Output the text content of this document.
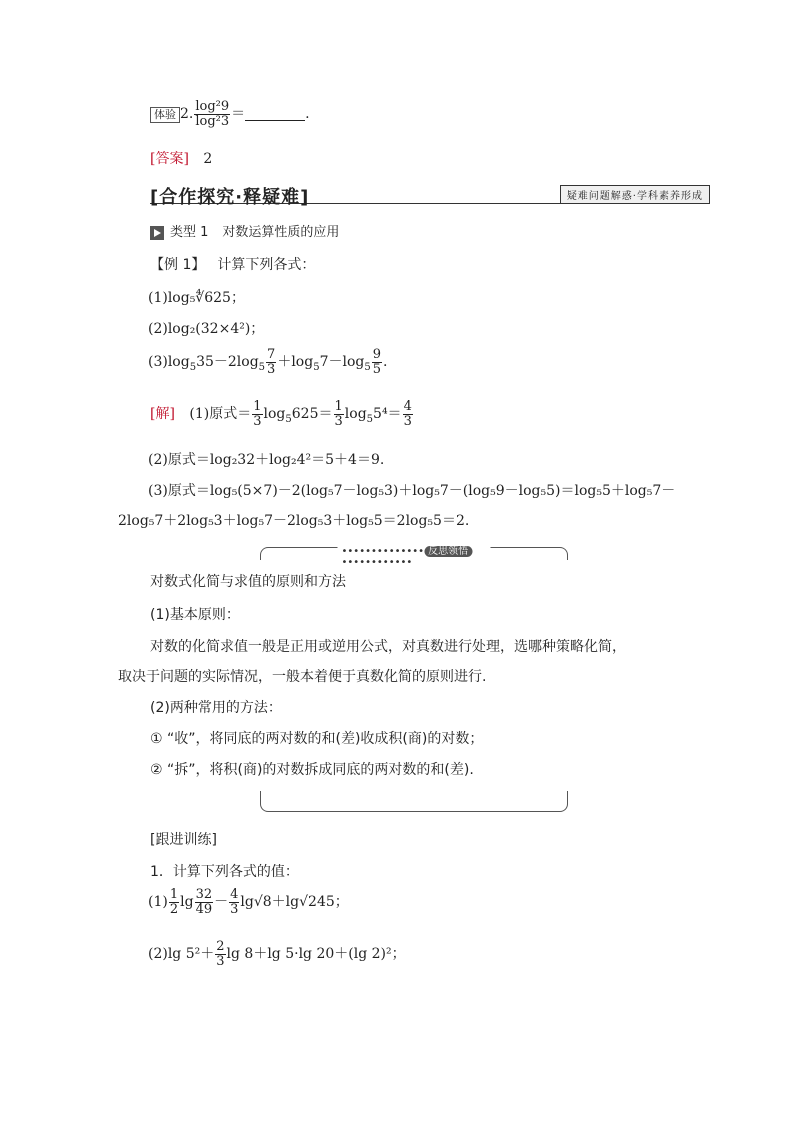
体验 2. $\frac{\text{log²9}}{\text{log²3}}$ ＝	.
[答案] 2
[合作探究·释疑难]	疑难问题解惑·学科素养形成
类型 1 对数运算性质的应用
【例 1】 计算下列各式：
(1)log₅∜625；
(2)log₂(32×4²)；
$(3)\log_535-2\log_5 \frac{7}{3} +\log_57-\log_5 \frac{9}{5}$ .
[解] (1)原式＝ $\frac{1}{3} \log_5625= \frac{1}{3} \log_55^4= \frac{4}{3}$
(2)原式＝log₂32＋log₂4²＝5＋4＝9.
(3)原式＝log₅(5×7)－2(log₅7－log₅3)＋log₅7－(log₅9－log₅5)＝log₅5＋log₅7－
2log₅7＋2log₅3＋log₅7－2log₅3＋log₅5＝2log₅5＝2.
•••••••••••••• 反思领悟••••••••••••
对数式化简与求值的原则和方法
(1)基本原则：
对数的化简求值一般是正用或逆用公式，对真数进行处理，选哪种策略化简，
取决于问题的实际情况，一般本着便于真数化简的原则进行.
(2)两种常用的方法：
① “收”，将同底的两对数的和(差)收成积(商)的对数；
② “拆”，将积(商)的对数拆成同底的两对数的和(差).
[跟进训练]
1．计算下列各式的值：
$(1) \frac{1}{2}$ $\lg \frac{32}{49} - \frac{4}{3} \lg√8+\lg√245$；
(2)lg $5^2+ \frac{2}{3}$ lg 8＋lg 5·lg 20＋(lg 2)²；
